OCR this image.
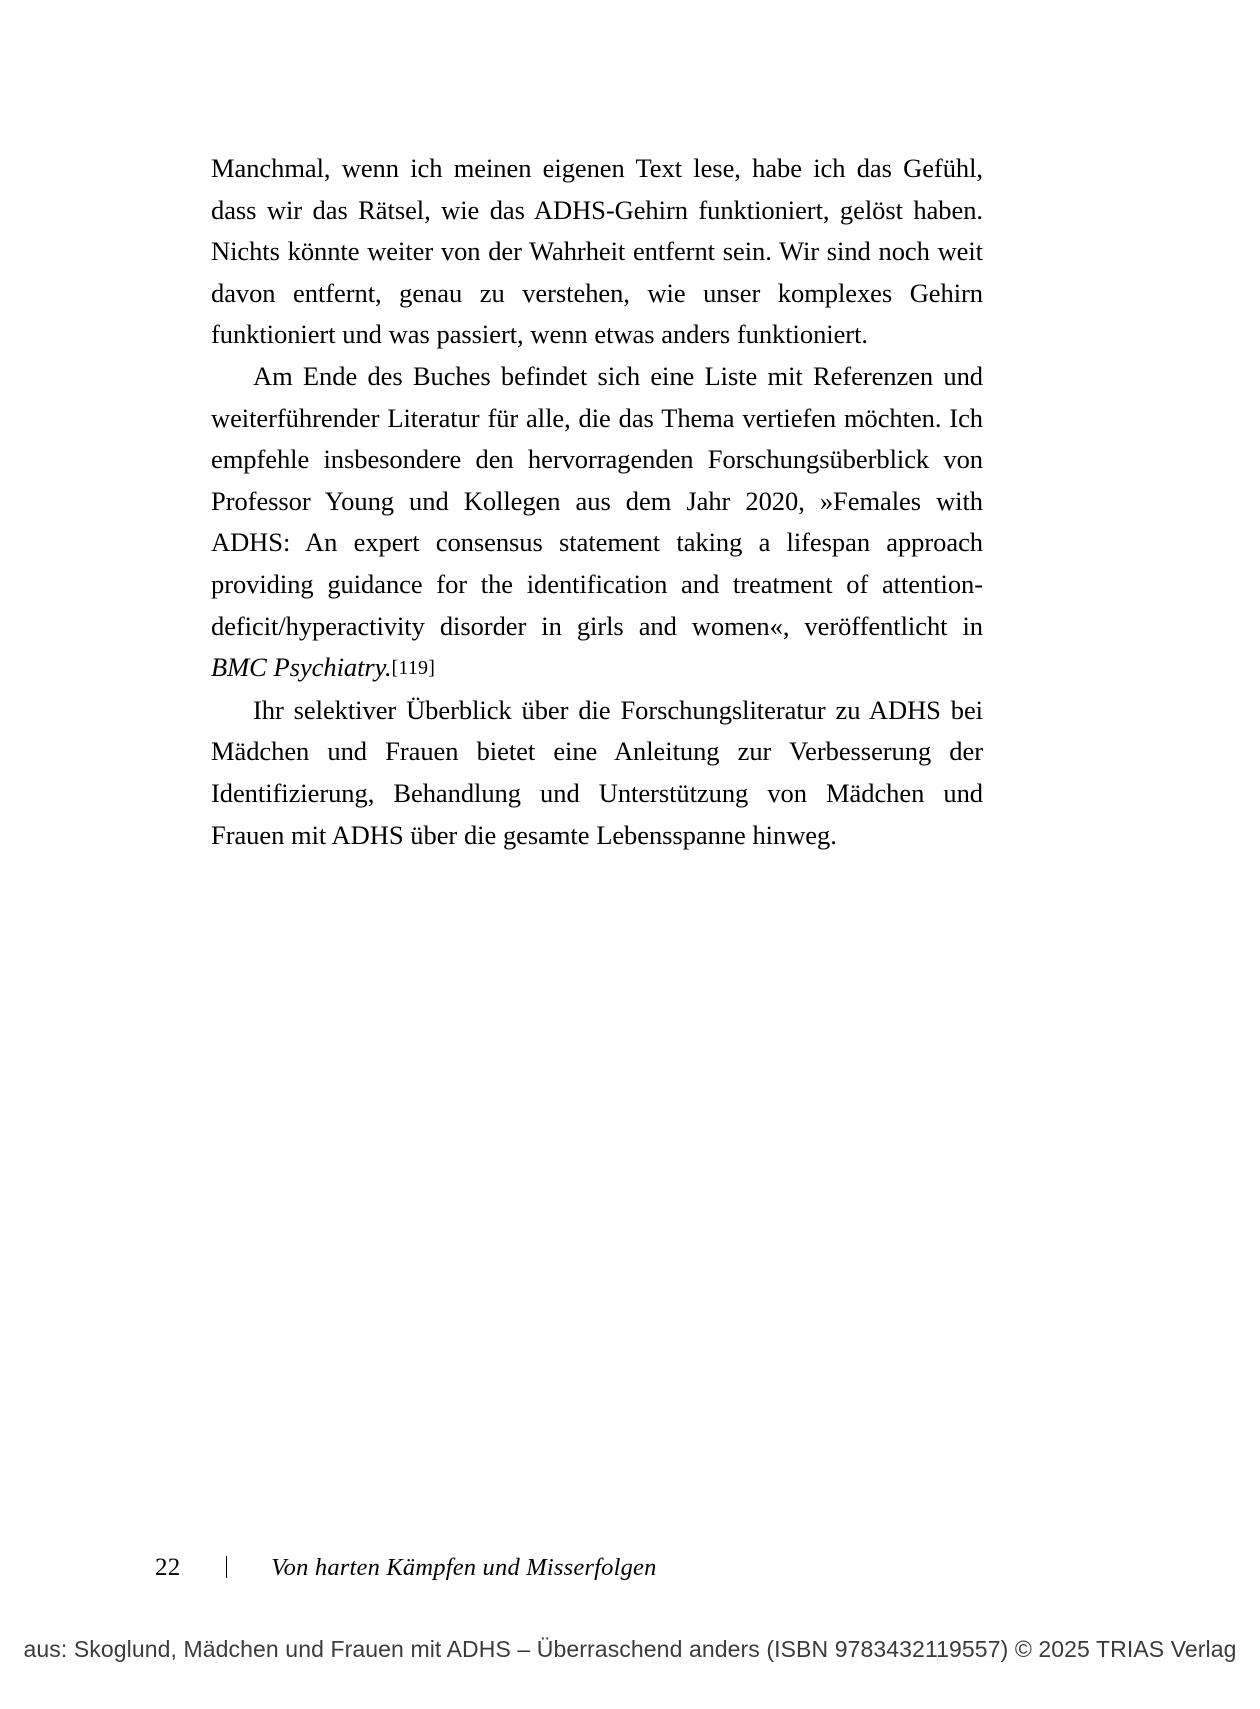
Manchmal, wenn ich meinen eigenen Text lese, habe ich das Gefühl, dass wir das Rätsel, wie das ADHS-Gehirn funktioniert, gelöst haben. Nichts könnte weiter von der Wahrheit entfernt sein. Wir sind noch weit davon entfernt, genau zu verstehen, wie unser komplexes Gehirn funktioniert und was passiert, wenn etwas anders funktioniert.

Am Ende des Buches befindet sich eine Liste mit Referenzen und weiterführender Literatur für alle, die das Thema vertiefen möchten. Ich empfehle insbesondere den hervorragenden Forschungsüberblick von Professor Young und Kollegen aus dem Jahr 2020, »Females with ADHS: An expert consensus statement taking a lifespan approach providing guidance for the identification and treatment of attention-deficit/hyperactivity disorder in girls and women«, veröffentlicht in BMC Psychiatry.[119]

Ihr selektiver Überblick über die Forschungsliteratur zu ADHS bei Mädchen und Frauen bietet eine Anleitung zur Verbesserung der Identifizierung, Behandlung und Unterstützung von Mädchen und Frauen mit ADHS über die gesamte Lebensspanne hinweg.

22	Von harten Kämpfen und Misserfolgen
aus: Skoglund, Mädchen und Frauen mit ADHS – Überraschend anders (ISBN 9783432119557) © 2025 TRIAS Verlag
